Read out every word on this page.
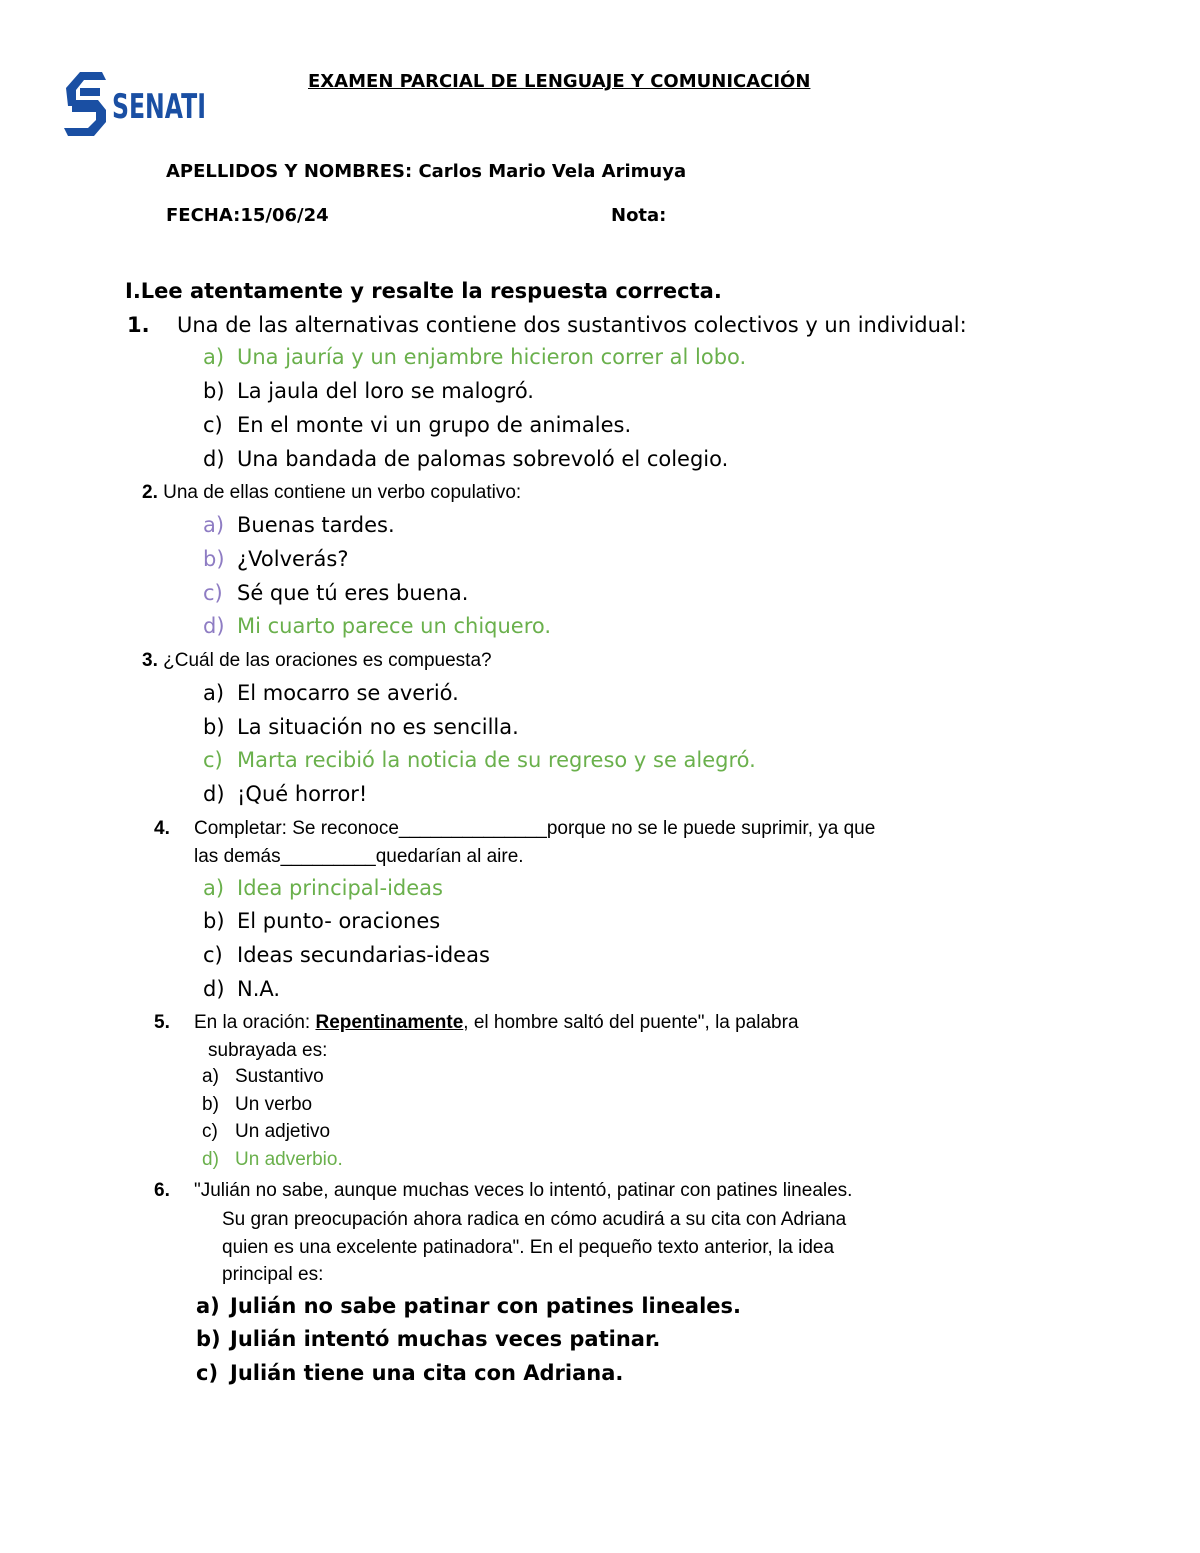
SENATI
EXAMEN PARCIAL DE LENGUAJE Y COMUNICACIÓN
APELLIDOS Y NOMBRES: Carlos Mario Vela Arimuya
FECHA:15/06/24	Nota:
I.Lee atentamente y resalte la respuesta correcta.
1. Una de las alternativas contiene dos sustantivos colectivos y un individual:
a) Una jauría y un enjambre hicieron correr al lobo.
b) La jaula del loro se malogró.
c) En el monte vi un grupo de animales.
d) Una bandada de palomas sobrevoló el colegio.
2. Una de ellas contiene un verbo copulativo:
a) Buenas tardes.
b) ¿Volverás?
c) Sé que tú eres buena.
d) Mi cuarto parece un chiquero.
3. ¿Cuál de las oraciones es compuesta?
a) El mocarro se averió.
b) La situación no es sencilla.
c) Marta recibió la noticia de su regreso y se alegró.
d) ¡Qué horror!
4. Completar: Se reconoce______________porque no se le puede suprimir, ya que
las demás_________quedarían al aire.
a) Idea principal-ideas
b) El punto- oraciones
c) Ideas secundarias-ideas
d) N.A.
5. En la oración: Repentinamente, el hombre saltó del puente", la palabra
subrayada es:
a) Sustantivo
b) Un verbo
c) Un adjetivo
d) Un adverbio.
6. "Julián no sabe, aunque muchas veces lo intentó, patinar con patines lineales.
Su gran preocupación ahora radica en cómo acudirá a su cita con Adriana
quien es una excelente patinadora". En el pequeño texto anterior, la idea
principal es:
a) Julián no sabe patinar con patines lineales.
b) Julián intentó muchas veces patinar.
c) Julián tiene una cita con Adriana.
